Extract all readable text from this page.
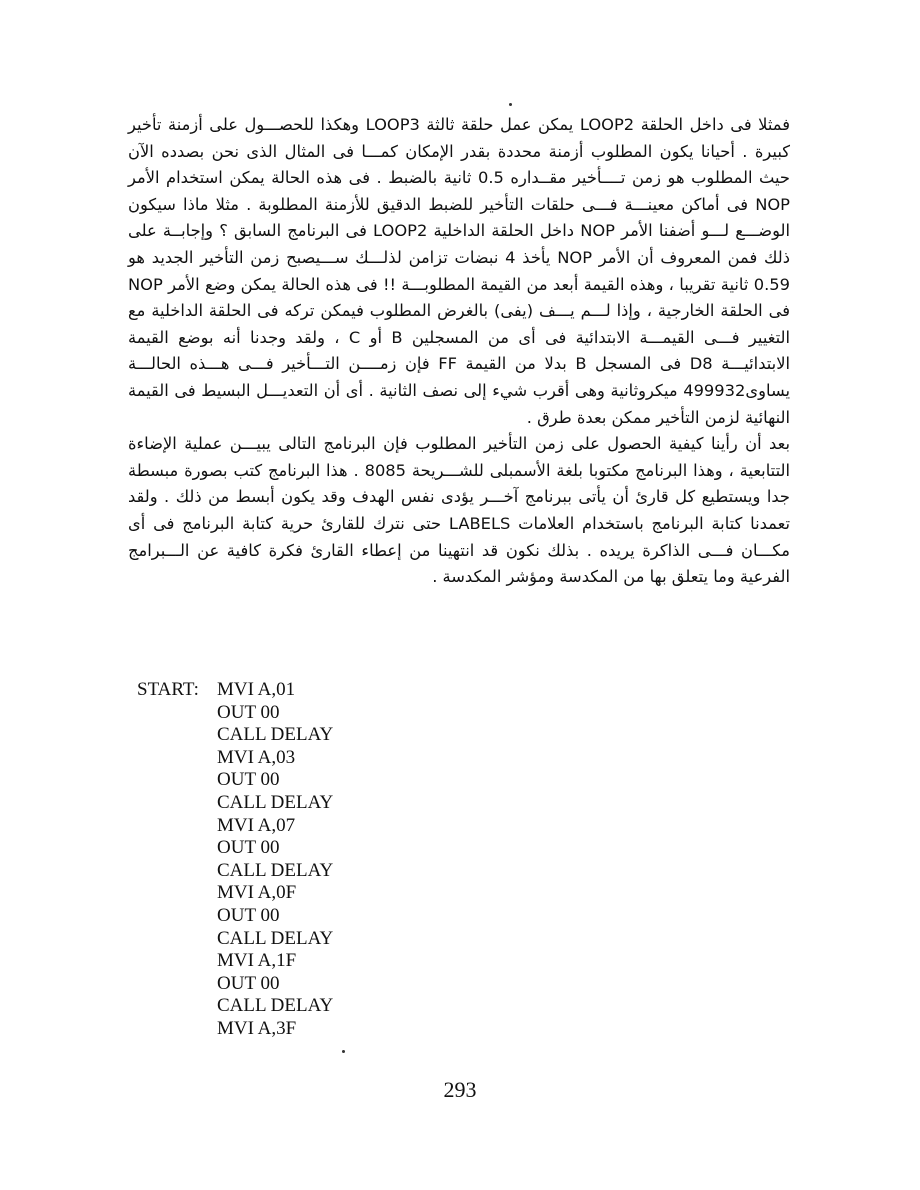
فمثلا فى داخل الحلقة LOOP2 يمكن عمل حلقة ثالثة LOOP3 وهكذا للحصـــول على أزمنة تأخير كبيرة . أحيانا يكون المطلوب أزمنة محددة بقدر الإمكان كمـــا فى المثال الذى نحن بصدده الآن حيث المطلوب هو زمن تــــأخير مقــداره 0.5 ثانية بالضبط . فى هذه الحالة يمكن استخدام الأمر NOP فى أماكن معينـــة فـــى حلقات التأخير للضبط الدقيق للأزمنة المطلوبة . مثلا ماذا سيكون الوضـــع لـــو أضفنا الأمر NOP داخل الحلقة الداخلية LOOP2 فى البرنامج السابق ؟ وإجابــة على ذلك فمن المعروف أن الأمر NOP يأخذ 4 نبضات تزامن لذلـــك ســـيصبح زمن التأخير الجديد هو 0.59 ثانية تقريبا ، وهذه القيمة أبعد من القيمة المطلوبـــة !! فى هذه الحالة يمكن وضع الأمر NOP فى الحلقة الخارجية ، وإذا لـــم يـــف (يفى) بالغرض المطلوب فيمكن تركه فى الحلقة الداخلية مع التغيير فـــى القيمـــة الابتدائية فى أى من المسجلين B أو C ، ولقد وجدنا أنه بوضع القيمة الابتدائيـــة D8 فى المسجل B بدلا من القيمة FF فإن زمــــن التـــأخير فـــى هـــذه الحالـــة يساوى499932 ميكروثانية وهى أقرب شيء إلى نصف الثانية . أى أن التعديـــل البسيط فى القيمة النهائية لزمن التأخير ممكن بعدة طرق .

بعد أن رأينا كيفية الحصول على زمن التأخير المطلوب فإن البرنامج التالى يبيـــن عملية الإضاءة التتابعية ، وهذا البرنامج مكتوبا بلغة الأسمبلى للشـــريحة 8085 . هذا البرنامج كتب بصورة مبسطة جدا ويستطيع كل قارئ أن يأتى ببرنامج آخـــر يؤدى نفس الهدف وقد يكون أبسط من ذلك . ولقد تعمدنا كتابة البرنامج باستخدام العلامات LABELS حتى نترك للقارئ حرية كتابة البرنامج فى أى مكـــان فـــى الذاكرة يريده . بذلك نكون قد انتهينا من إعطاء القارئ فكرة كافية عن الـــبرامج الفرعية وما يتعلق بها من المكدسة ومؤشر المكدسة .

START: MVI A,01
OUT 00
CALL DELAY
MVI A,03
OUT 00
CALL DELAY
MVI A,07
OUT 00
CALL DELAY
MVI A,0F
OUT 00
CALL DELAY
MVI A,1F
OUT 00
CALL DELAY
MVI A,3F
293
